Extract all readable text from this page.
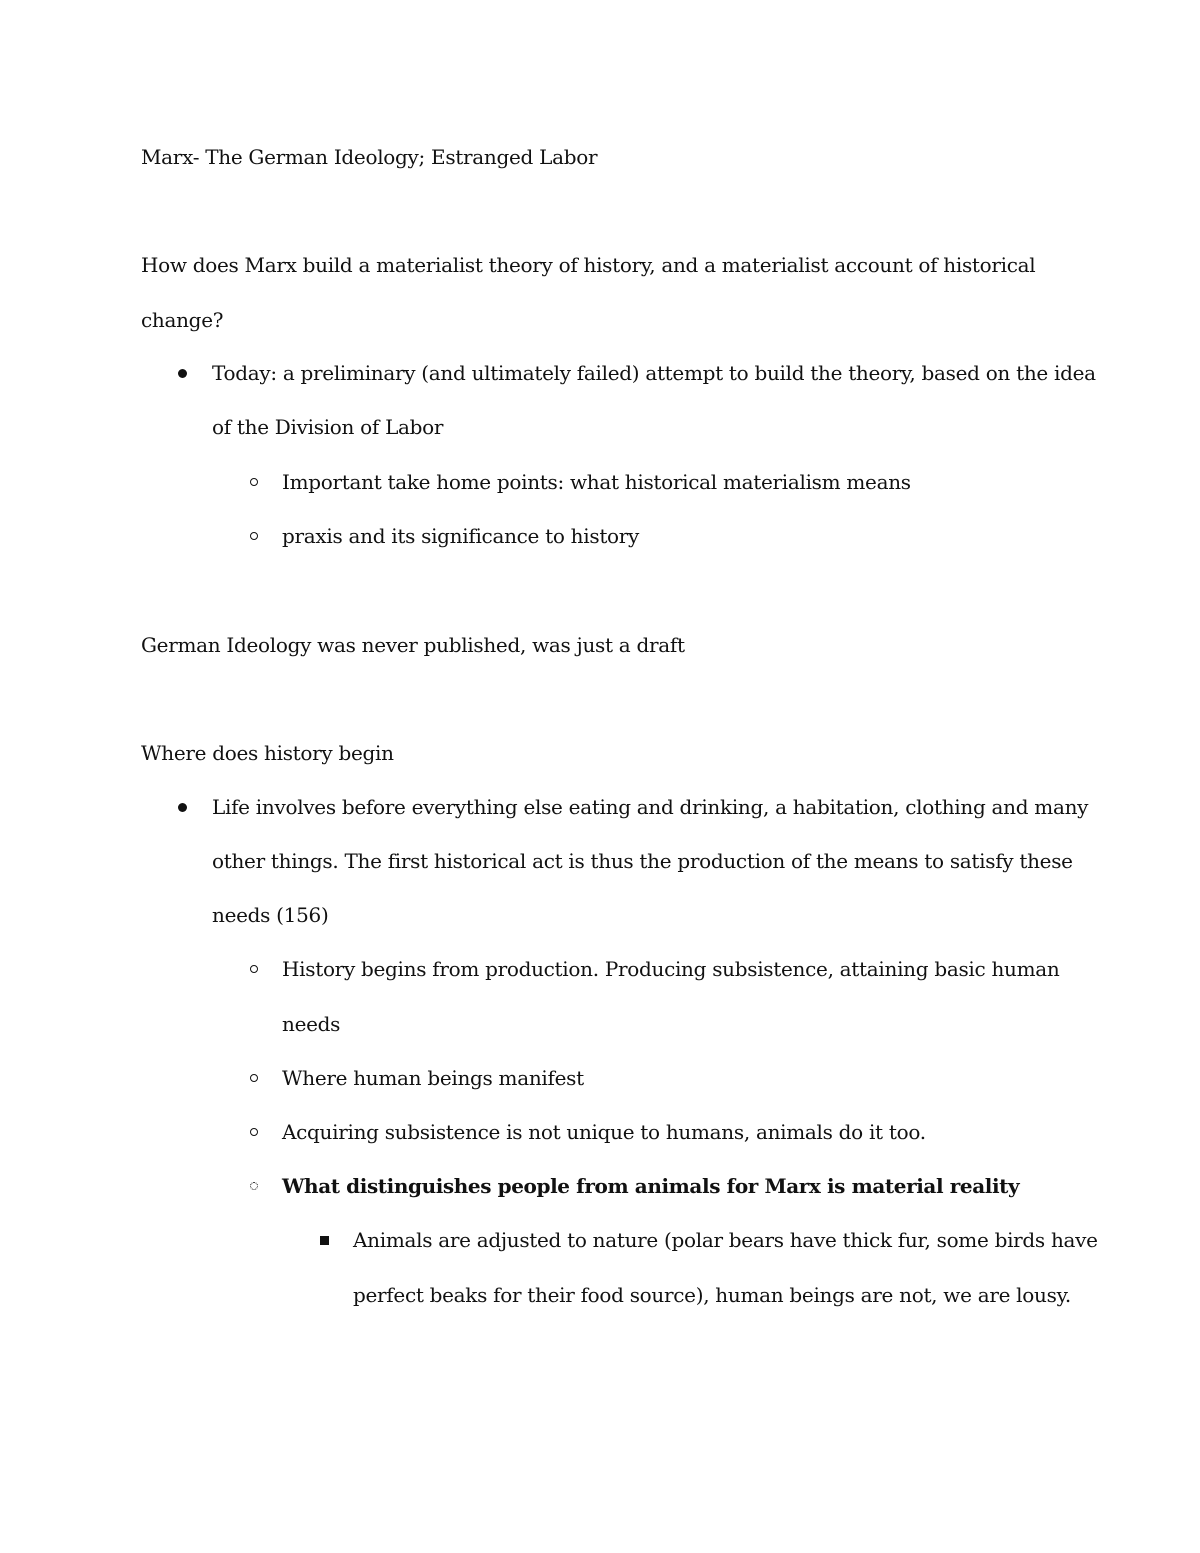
Marx- The German Ideology; Estranged Labor
How does Marx build a materialist theory of history, and a materialist account of historical
change?
Today: a preliminary (and ultimately failed) attempt to build the theory, based on the idea
of the Division of Labor
Important take home points: what historical materialism means
praxis and its significance to history
German Ideology was never published, was just a draft
Where does history begin
Life involves before everything else eating and drinking, a habitation, clothing and many
other things. The first historical act is thus the production of the means to satisfy these
needs (156)
History begins from production. Producing subsistence, attaining basic human
needs
Where human beings manifest
Acquiring subsistence is not unique to humans, animals do it too.
What distinguishes people from animals for Marx is material reality
Animals are adjusted to nature (polar bears have thick fur, some birds have
perfect beaks for their food source), human beings are not, we are lousy.
